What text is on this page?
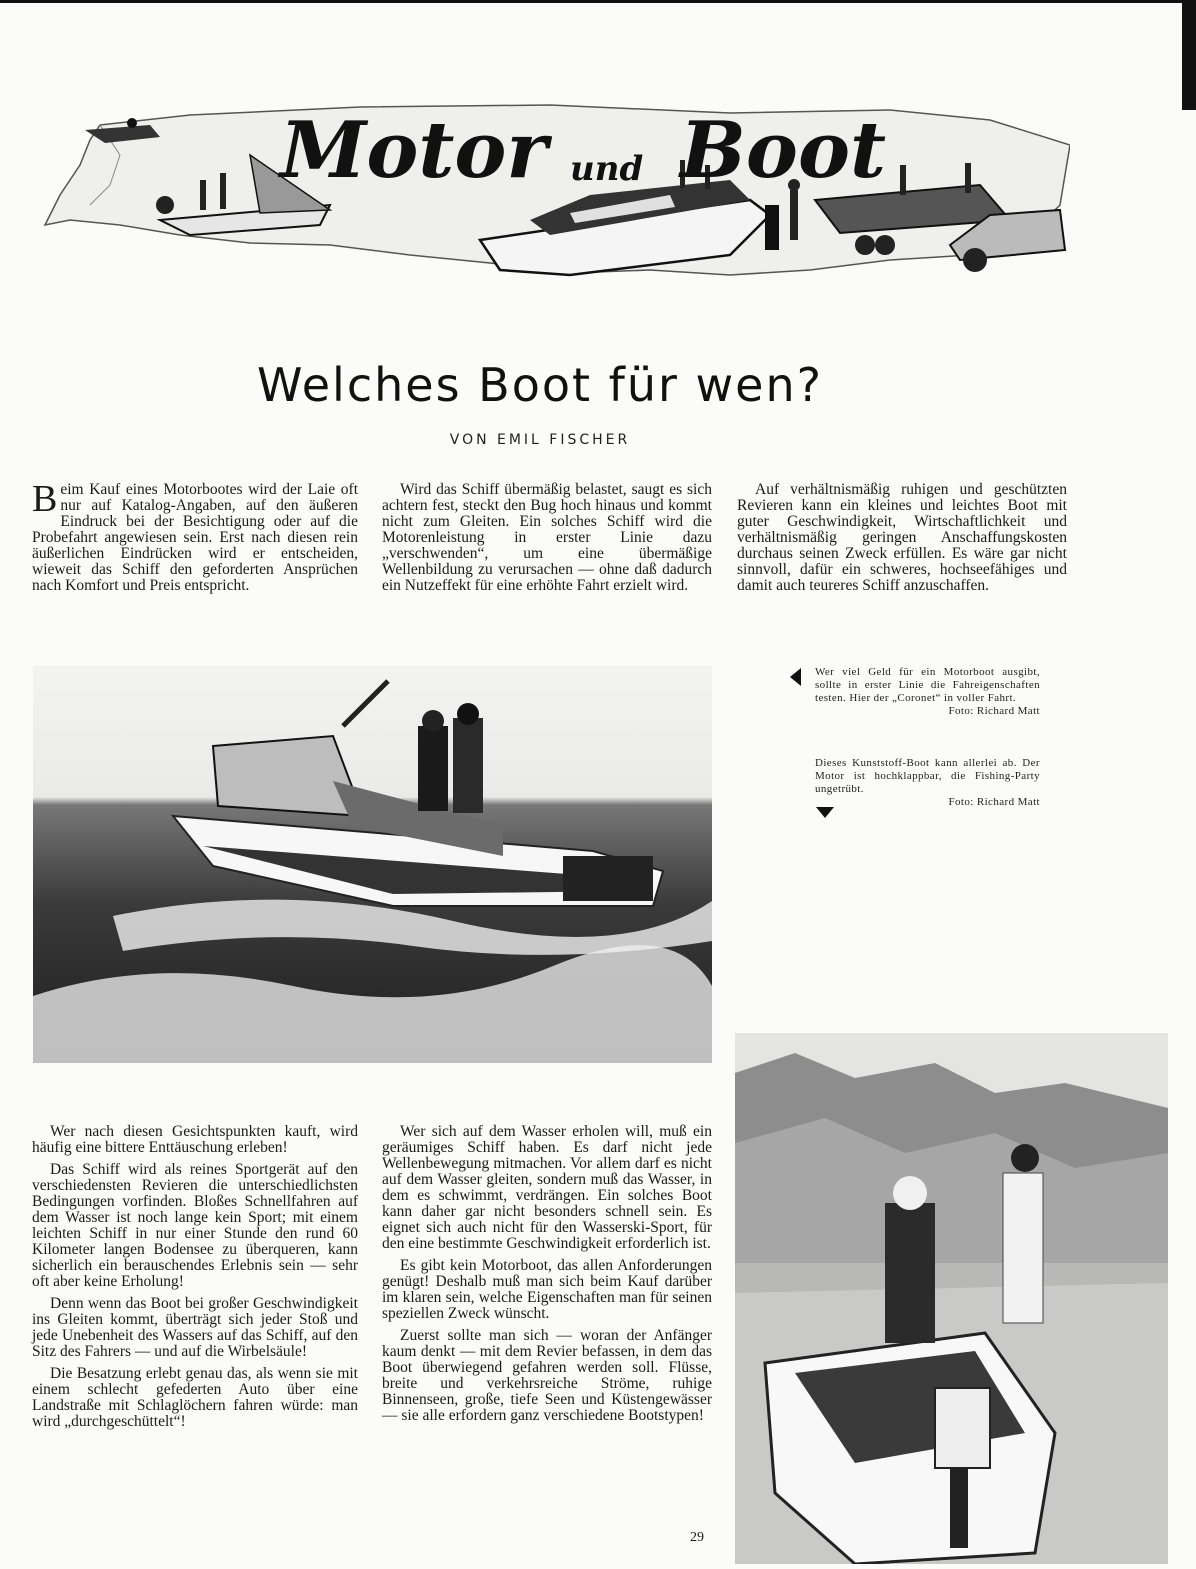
Motor und Boot
Welches Boot für wen?
VON EMIL FISCHER

Beim Kauf eines Motorbootes wird der Laie oft nur auf Katalog-Angaben, auf den äußeren Eindruck bei der Besichtigung oder auf die Probefahrt angewiesen sein. Erst nach diesen rein äußerlichen Eindrücken wird er entscheiden, wieweit das Schiff den geforderten Ansprüchen nach Komfort und Preis entspricht.

Wird das Schiff übermäßig belastet, saugt es sich achtern fest, steckt den Bug hoch hinaus und kommt nicht zum Gleiten. Ein solches Schiff wird die Motorenleistung in erster Linie dazu „verschwenden“, um eine übermäßige Wellenbildung zu verursachen — ohne daß dadurch ein Nutzeffekt für eine erhöhte Fahrt erzielt wird.

Auf verhältnismäßig ruhigen und geschützten Revieren kann ein kleines und leichtes Boot mit guter Geschwindigkeit, Wirtschaftlichkeit und verhältnismäßig geringen Anschaffungskosten durchaus seinen Zweck erfüllen. Es wäre gar nicht sinnvoll, dafür ein schweres, hochseefähiges und damit auch teureres Schiff anzuschaffen.

Wer viel Geld für ein Motorboot ausgibt, sollte in erster Linie die Fahreigenschaften testen. Hier der „Coronet“ in voller Fahrt.
Foto: Richard Matt
Dieses Kunststoff-Boot kann allerlei ab. Der Motor ist hochklappbar, die Fishing-Party ungetrübt.
Foto: Richard Matt

Wer nach diesen Gesichtspunkten kauft, wird häufig eine bittere Enttäuschung erleben!

Das Schiff wird als reines Sportgerät auf den verschiedensten Revieren die unterschiedlichsten Bedingungen vorfinden. Bloßes Schnellfahren auf dem Wasser ist noch lange kein Sport; mit einem leichten Schiff in nur einer Stunde den rund 60 Kilometer langen Bodensee zu überqueren, kann sicherlich ein berauschendes Erlebnis sein — sehr oft aber keine Erholung!

Denn wenn das Boot bei großer Geschwindigkeit ins Gleiten kommt, überträgt sich jeder Stoß und jede Unebenheit des Wassers auf das Schiff, auf den Sitz des Fahrers — und auf die Wirbelsäule!

Die Besatzung erlebt genau das, als wenn sie mit einem schlecht gefederten Auto über eine Landstraße mit Schlaglöchern fahren würde: man wird „durchgeschüttelt“!

Wer sich auf dem Wasser erholen will, muß ein geräumiges Schiff haben. Es darf nicht jede Wellenbewegung mitmachen. Vor allem darf es nicht auf dem Wasser gleiten, sondern muß das Wasser, in dem es schwimmt, verdrängen. Ein solches Boot kann daher gar nicht besonders schnell sein. Es eignet sich auch nicht für den Wasserski-Sport, für den eine bestimmte Geschwindigkeit erforderlich ist.

Es gibt kein Motorboot, das allen Anforderungen genügt! Deshalb muß man sich beim Kauf darüber im klaren sein, welche Eigenschaften man für seinen speziellen Zweck wünscht.

Zuerst sollte man sich — woran der Anfänger kaum denkt — mit dem Revier befassen, in dem das Boot überwiegend gefahren werden soll. Flüsse, breite und verkehrsreiche Ströme, ruhige Binnenseen, große, tiefe Seen und Küstengewässer — sie alle erfordern ganz verschiedene Bootstypen!

29
